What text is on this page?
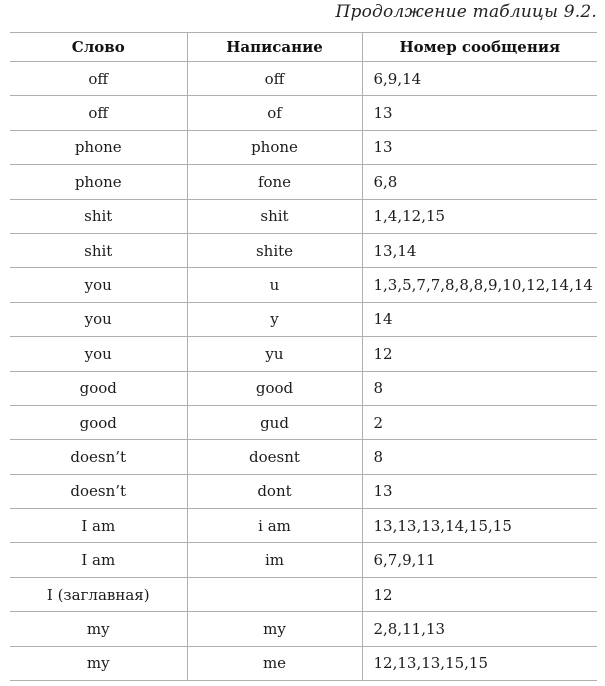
Продолжение таблицы 9.2.
Слово	Написание	Номер сообщения
off	off	6,9,14
off	of	13
phone	phone	13
phone	fone	6,8
shit	shit	1,4,12,15
shit	shite	13,14
you	u	1,3,5,7,7,8,8,8,9,10,12,14,14
you	y	14
you	yu	12
good	good	8
good	gud	2
doesn’t	doesnt	8
doesn’t	dont	13
I am	i am	13,13,13,14,15,15
I am	im	6,7,9,11
I (заглавная)		12
my	my	2,8,11,13
my	me	12,13,13,15,15
